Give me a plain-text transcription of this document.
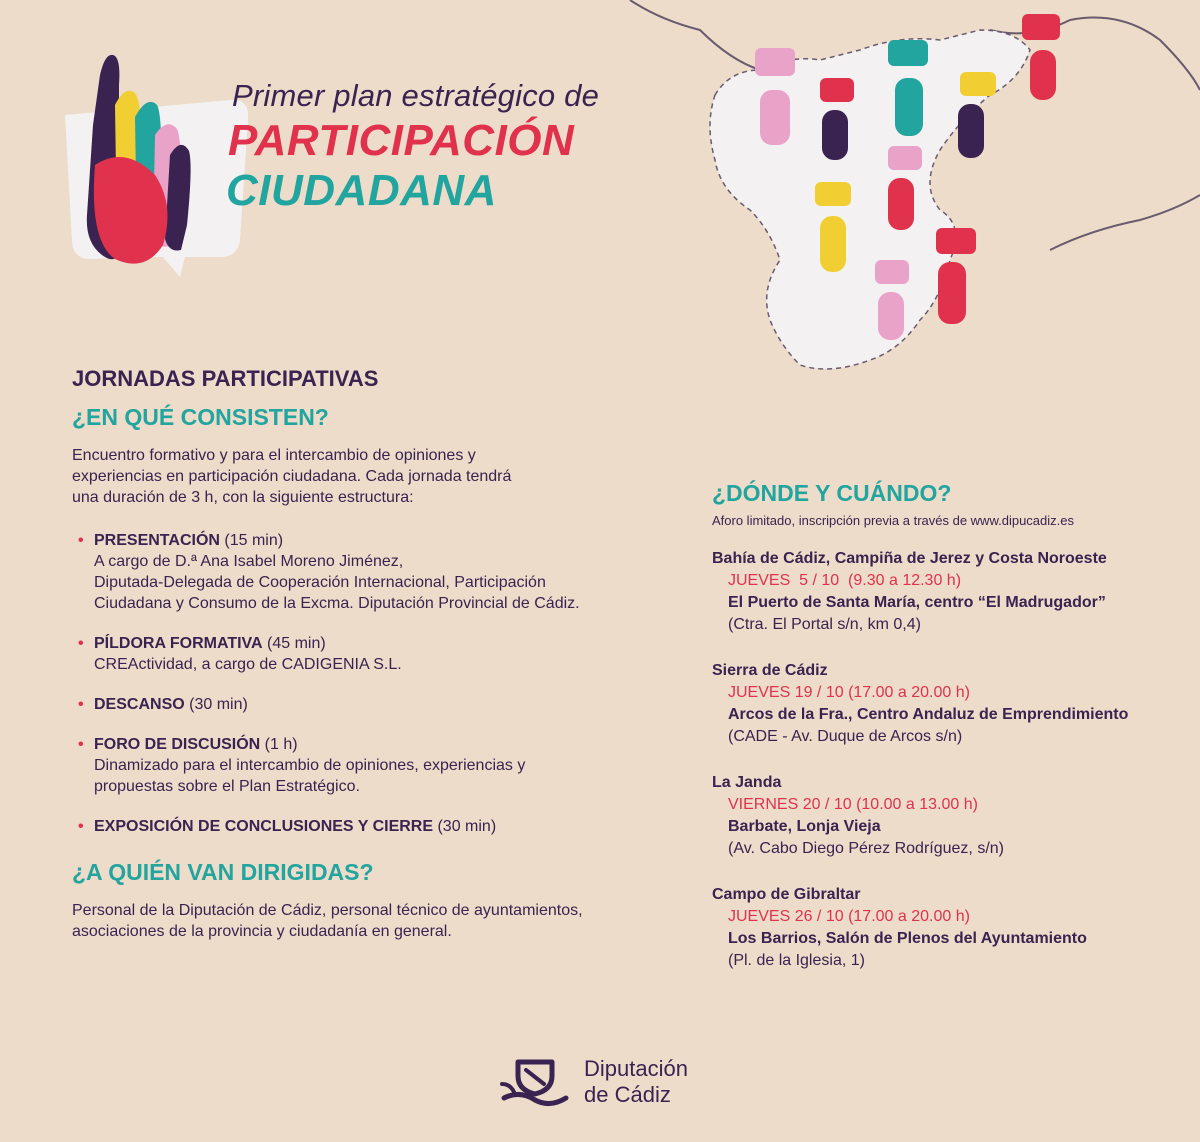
Primer plan estratégico de
PARTICIPACIÓN
CIUDADANA
JORNADAS PARTICIPATIVAS
¿EN QUÉ CONSISTEN?
Encuentro formativo y para el intercambio de opiniones y
experiencias en participación ciudadana. Cada jornada tendrá
una duración de 3 h, con la siguiente estructura:
• PRESENTACIÓN (15 min)
A cargo de D.ª Ana Isabel Moreno Jiménez,
Diputada-Delegada de Cooperación Internacional, Participación
Ciudadana y Consumo de la Excma. Diputación Provincial de Cádiz.
• PÍLDORA FORMATIVA (45 min)
CREActividad, a cargo de CADIGENIA S.L.
• DESCANSO (30 min)
• FORO DE DISCUSIÓN (1 h)
Dinamizado para el intercambio de opiniones, experiencias y
propuestas sobre el Plan Estratégico.
• EXPOSICIÓN DE CONCLUSIONES Y CIERRE (30 min)
¿A QUIÉN VAN DIRIGIDAS?
Personal de la Diputación de Cádiz, personal técnico de ayuntamientos,
asociaciones de la provincia y ciudadanía en general.
¿DÓNDE Y CUÁNDO?
Aforo limitado, inscripción previa a través de www.dipucadiz.es
Bahía de Cádiz, Campiña de Jerez y Costa Noroeste
JUEVES  5 / 10  (9.30 a 12.30 h)
El Puerto de Santa María, centro “El Madrugador”
(Ctra. El Portal s/n, km 0,4)
Sierra de Cádiz
JUEVES 19 / 10 (17.00 a 20.00 h)
Arcos de la Fra., Centro Andaluz de Emprendimiento
(CADE - Av. Duque de Arcos s/n)
La Janda
VIERNES 20 / 10 (10.00 a 13.00 h)
Barbate, Lonja Vieja
(Av. Cabo Diego Pérez Rodríguez, s/n)
Campo de Gibraltar
JUEVES 26 / 10 (17.00 a 20.00 h)
Los Barrios, Salón de Plenos del Ayuntamiento
(Pl. de la Iglesia, 1)
Diputación
de Cádiz
